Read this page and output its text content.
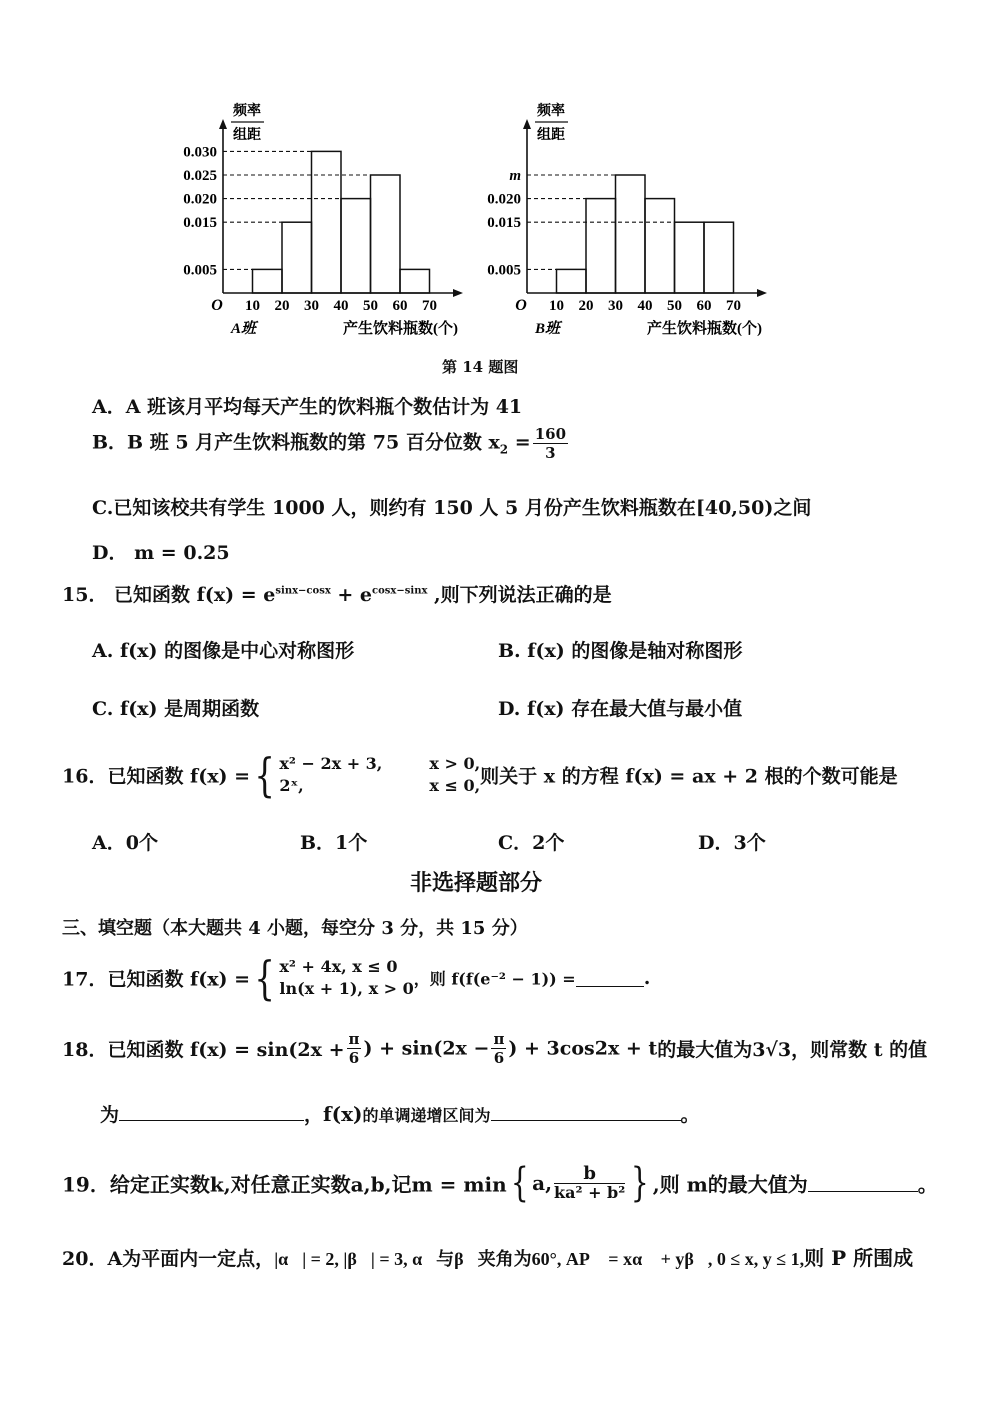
频率
组距
O
0.030
0.025
0.020
0.015
0.005
10 20 30 40 50 60 70
A班	产生饮料瓶数(个)
频率
组距
O
m
0.020
0.015
0.005
10 20 30 40 50 60 70
B班	产生饮料瓶数(个)
第 14 题图
A．A 班该月平均每天产生的饮料瓶个数估计为 41
B．B 班 5 月产生饮料瓶数的第 75 百分位数 $x_2 = \frac{160}{3}$
C.已知该校共有学生 1000 人，则约有 150 人 5 月份产生饮料瓶数在[40,50)之间
D． m = 0.25
15． 已知函数 $f(x) = e^{sinx-cosx} + e^{cosx-sinx}$ ,则下列说法正确的是
A. f(x) 的图像是中心对称图形	B. f(x) 的图像是轴对称图形
C. f(x) 是周期函数	D. f(x) 存在最大值与最小值
16．已知函数 f(x) ={ x² − 2x + 3,	x > 0,
2ˣ,	x ≤ 0, 则关于 x 的方程 f(x) = ax + 2 根的个数可能是
A．0个	B．1个	C．2个	D．3个
非选择题部分
三、填空题（本大题共 4 小题，每空分 3 分，共 15 分）
17．已知函数 f(x) ={ x² + 4x, x ≤ 0
ln(x + 1), x > 0 ，则 f(f(e⁻² − 1)) =	.
18．已知函数 $f(x) = \sin(2x + \frac{\pi}{6}$ ) + $\sin(2x - \frac{\pi}{6}$ ) + 3cos2x + t的最大值为3√3，则常数 t 的值
为	，f(x)的单调递增区间为	。
19．给定正实数k,对任意正实数a,b,记m = min{ a, $\frac{b}{\text{ka² + b²}}$ } ,则 m的最大值为	。
20．A为平面内一定点，|α⃗| = 2, |β⃗| = 3, α⃗与β⃗夹角为60°, AP⃗ = xα⃗ + yβ⃗, 0 ≤ x, y ≤ 1,则 P 所围成
